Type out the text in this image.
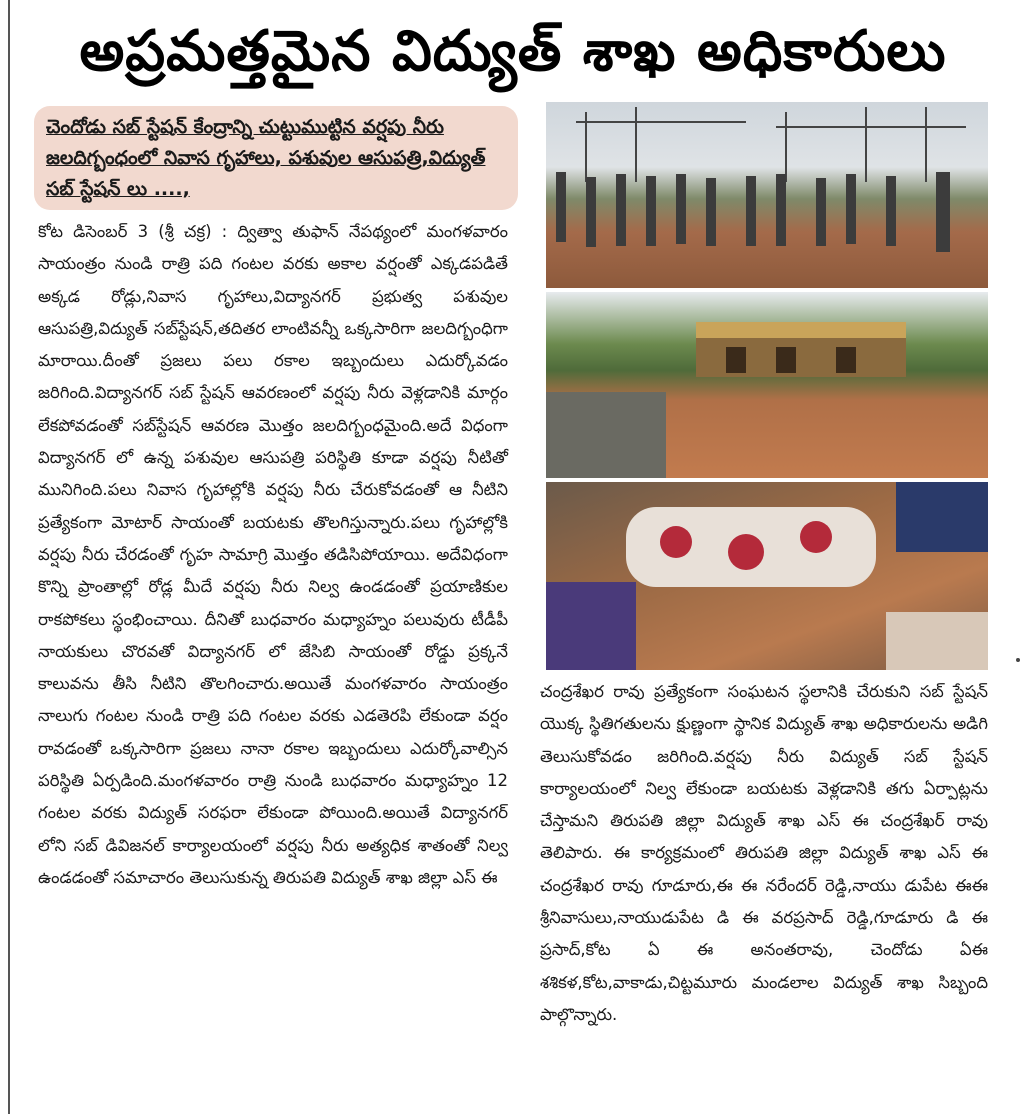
అప్రమత్తమైన విద్యుత్ శాఖ అధికారులు
చెందోడు సబ్ స్టేషన్ కేంద్రాన్ని చుట్టుముట్టిన వర్షపు నీరు జలదిగ్బంధంలో నివాస గృహాలు, పశువుల ఆసుపత్రి,విద్యుత్ సబ్ స్టేషన్ లు ....,

కోట డిసెంబర్ 3 (శ్రీ చక్ర) : ద్విత్వా తుఫాన్ నేపథ్యంలో మంగళవారం సాయంత్రం నుండి రాత్రి పది గంటల వరకు అకాల వర్షంతో ఎక్కడపడితే అక్కడ రోడ్లు,నివాస గృహాలు,విద్యానగర్ ప్రభుత్వ పశువుల ఆసుపత్రి,విద్యుత్ సబ్‌స్టేషన్,తదితర లాంటివన్నీ ఒక్కసారిగా జలదిగ్బంధిగా మారాయి.దీంతో ప్రజలు పలు రకాల ఇబ్బందులు ఎదుర్కోవడం జరిగింది.విద్యానగర్ సబ్ స్టేషన్ ఆవరణంలో వర్షపు నీరు వెళ్లడానికి మార్గం లేకపోవడంతో సబ్‌స్టేషన్ ఆవరణ మొత్తం జలదిగ్బంధమైంది.అదే విధంగా విద్యానగర్ లో ఉన్న పశువుల ఆసుపత్రి పరిస్థితి కూడా వర్షపు నీటితో మునిగింది.పలు నివాస గృహాల్లోకి వర్షపు నీరు చేరుకోవడంతో ఆ నీటిని ప్రత్యేకంగా మోటార్ సాయంతో బయటకు తొలగిస్తున్నారు.పలు గృహాల్లోకి వర్షపు నీరు చేరడంతో గృహ సామాగ్రి మొత్తం తడిసిపోయాయి. అదేవిధంగా కొన్ని ప్రాంతాల్లో రోడ్ల మీదే వర్షపు నీరు నిల్వ ఉండడంతో ప్రయాణికుల రాకపోకలు స్థంభించాయి. దీనితో బుధవారం మధ్యాహ్నం పలువురు టీడీపీ నాయకులు చొరవతో విద్యానగర్ లో జేసిబి సాయంతో రోడ్డు ప్రక్కనే కాలువను తీసి నీటిని తొలగించారు.అయితే మంగళవారం సాయంత్రం నాలుగు గంటల నుండి రాత్రి పది గంటల వరకు ఎడతెరపి లేకుండా వర్షం రావడంతో ఒక్కసారిగా ప్రజలు నానా రకాల ఇబ్బందులు ఎదుర్కోవాల్సిన పరిస్థితి ఏర్పడింది.మంగళవారం రాత్రి నుండి బుధవారం మధ్యాహ్నం 12 గంటల వరకు విద్యుత్ సరఫరా లేకుండా పోయింది.అయితే విద్యానగర్ లోని సబ్ డివిజనల్ కార్యాలయంలో వర్షపు నీరు అత్యధిక శాతంతో నిల్వ ఉండడంతో సమాచారం తెలుసుకున్న తిరుపతి విద్యుత్ శాఖ జిల్లా ఎస్ ఈ

చంద్రశేఖర రావు ప్రత్యేకంగా సంఘటన స్థలానికి చేరుకుని సబ్ స్టేషన్ యొక్క స్థితిగతులను క్షుణ్ణంగా స్థానిక విద్యుత్ శాఖ అధికారులను అడిగి తెలుసుకోవడం జరిగింది.వర్షపు నీరు విద్యుత్ సబ్ స్టేషన్ కార్యాలయంలో నిల్వ లేకుండా బయటకు వెళ్లడానికి తగు ఏర్పాట్లను చేస్తామని తిరుపతి జిల్లా విద్యుత్ శాఖ ఎస్ ఈ చంద్రశేఖర్ రావు తెలిపారు. ఈ కార్యక్రమంలో తిరుపతి జిల్లా విద్యుత్ శాఖ ఎస్ ఈ చంద్రశేఖర రావు గూడూరు,ఈ ఈ నరేందర్ రెడ్డి,నాయు డుపేట ఈఈ శ్రీనివాసులు,నాయుడుపేట డి ఈ వరప్రసాద్ రెడ్డి,గూడూరు డి ఈ ప్రసాద్,కోట ఏ ఈ అనంతరావు, చెందోడు ఏఈ శశికళ,కోట,వాకాడు,చిట్టమూరు మండలాల విద్యుత్ శాఖ సిబ్బంది పాల్గొన్నారు.
